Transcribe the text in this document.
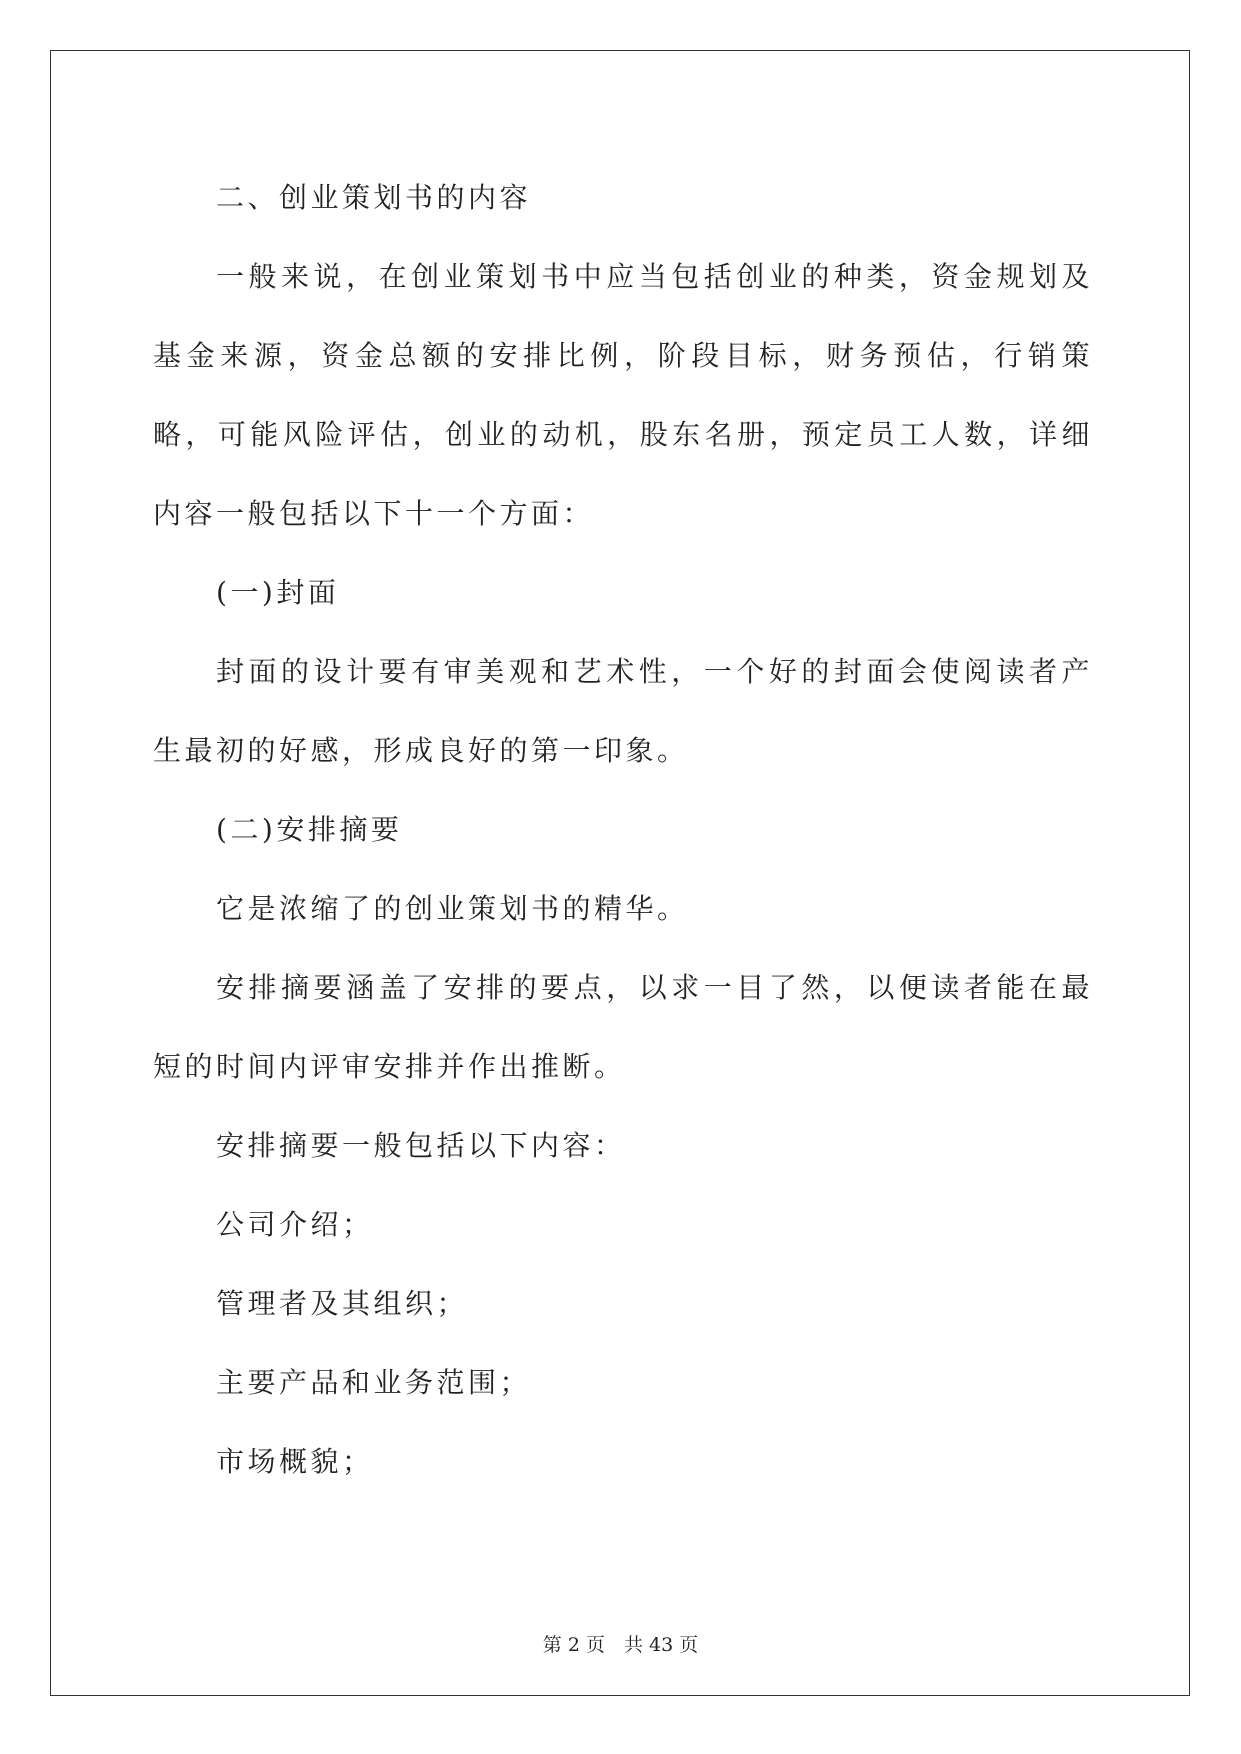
二、创业策划书的内容

一般来说，在创业策划书中应当包括创业的种类，资金规划及基金来源，资金总额的安排比例，阶段目标，财务预估，行销策略，可能风险评估，创业的动机，股东名册，预定员工人数，详细内容一般包括以下十一个方面：

(一)封面

封面的设计要有审美观和艺术性，一个好的封面会使阅读者产生最初的好感，形成良好的第一印象。

(二)安排摘要

它是浓缩了的创业策划书的精华。

安排摘要涵盖了安排的要点，以求一目了然，以便读者能在最短的时间内评审安排并作出推断。

安排摘要一般包括以下内容：

公司介绍；

管理者及其组织；

主要产品和业务范围；

市场概貌；

第 2 页　共 43 页
